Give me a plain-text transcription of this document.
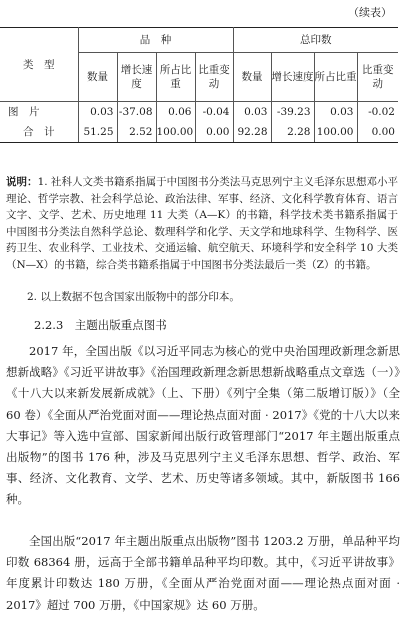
（续表）
类　型	品　种				总印数			
	数量	增长速度	所占比重	比重变动	数量	增长速度	所占比重	比重变动
图　片	0.03	-37.08	0.06	-0.04	0.03	-39.23	0.03	-0.02
合　计	51.25	2.52	100.00	0.00	92.28	2.28	100.00	0.00
说明：1. 社科人文类书籍系指属于中国图书分类法马克思列宁主义毛泽东思想邓小平理论、哲学宗教、社会科学总论、政治法律、军事、经济、文化科学教育体育、语言文字、文学、艺术、历史地理 11 大类（A—K）的书籍，科学技术类书籍系指属于中国图书分类法自然科学总论、数理科学和化学、天文学和地球科学、生物科学、医药卫生、农业科学、工业技术、交通运输、航空航天、环境科学和安全科学 10 大类（N—X）的书籍，综合类书籍系指属于中国图书分类法最后一类（Z）的书籍。
2. 以上数据不包含国家出版物中的部分印本。
2.2.3　主题出版重点图书
2017 年，全国出版《以习近平同志为核心的党中央治国理政新理念新思想新战略》《习近平讲故事》《治国理政新理念新思想新战略重点文章选（一）》《十八大以来新发展新成就》（上、下册）《列宁全集（第二版增订版）》（全 60 卷）《全面从严治党面对面——理论热点面对面 · 2017》《党的十八大以来大事记》等入选中宣部、国家新闻出版行政管理部门“2017 年主题出版重点出版物”的图书 176 种，涉及马克思列宁主义毛泽东思想、哲学、政治、军事、经济、文化教育、文学、艺术、历史等诸多领域。其中，新版图书 166 种。
全国出版“2017 年主题出版重点出版物”图书 1203.2 万册，单品种平均印数 68364 册，远高于全部书籍单品种平均印数。其中，《习近平讲故事》年度累计印数达 180 万册，《全面从严治党面对面——理论热点面对面 · 2017》超过 700 万册，《中国家规》达 60 万册。
